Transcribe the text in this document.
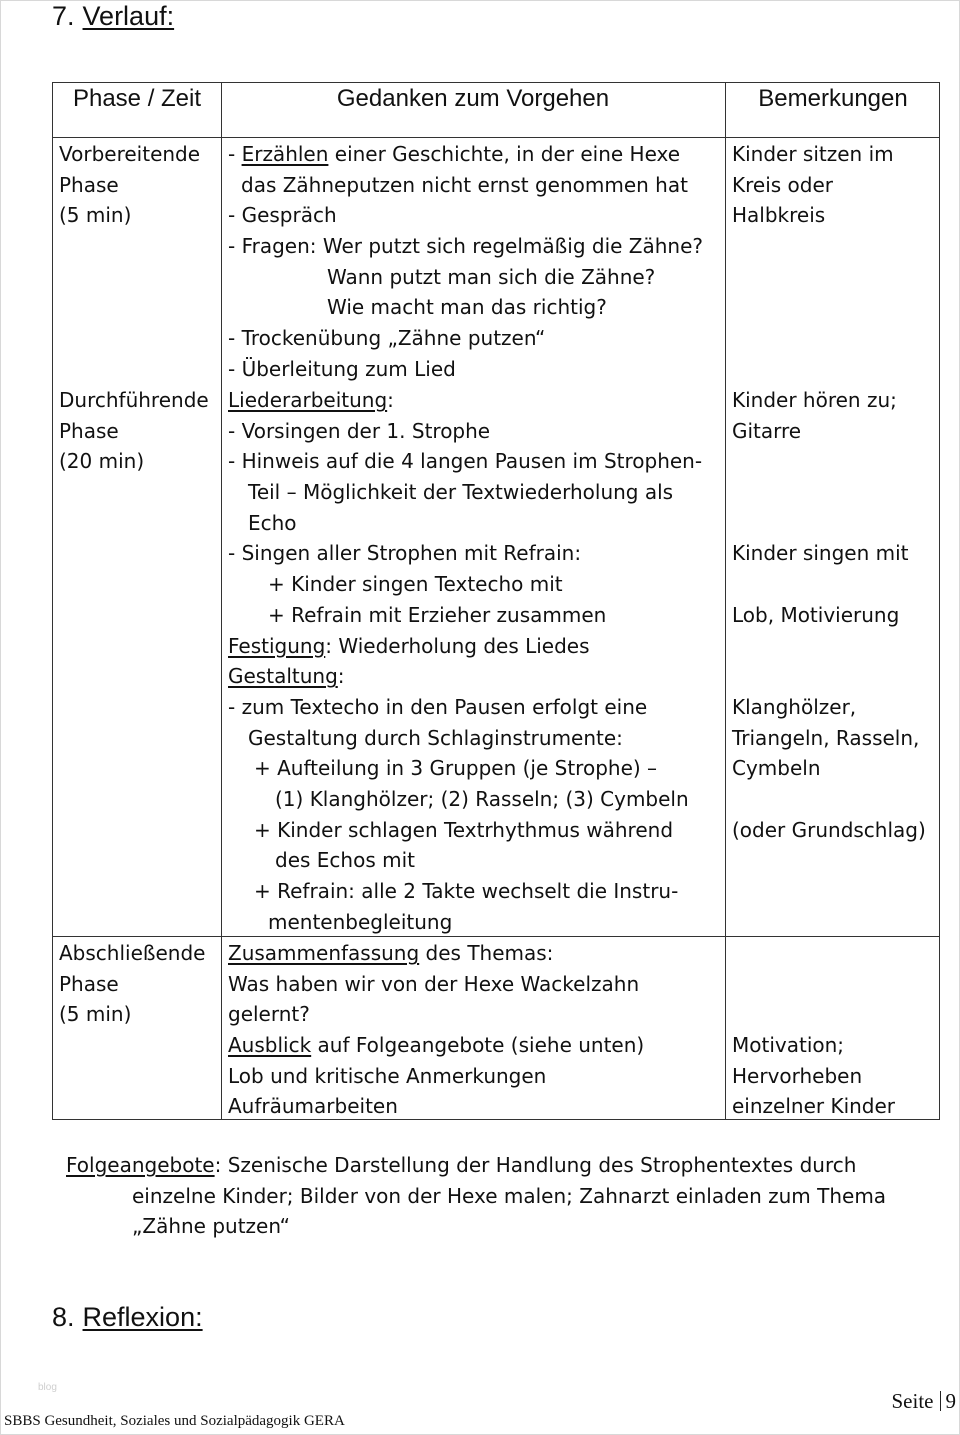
7. Verlauf:
Phase / Zeit	Gedanken zum Vorgehen	Bemerkungen
Vorbereitende
Phase
(5 min)
- Erzählen einer Geschichte, in der eine Hexe
das Zähneputzen nicht ernst genommen hat
- Gespräch
- Fragen: Wer putzt sich regelmäßig die Zähne?
Wann putzt man sich die Zähne?
Wie macht man das richtig?
- Trockenübung „Zähne putzen“
- Überleitung zum Lied
Kinder sitzen im
Kreis oder
Halbkreis
Durchführende
Phase
(20 min)
Liederarbeitung:
- Vorsingen der 1. Strophe
- Hinweis auf die 4 langen Pausen im Strophen-
Teil – Möglichkeit der Textwiederholung als
Echo
- Singen aller Strophen mit Refrain:
+ Kinder singen Textecho mit
+ Refrain mit Erzieher zusammen
Festigung: Wiederholung des Liedes
Gestaltung:
- zum Textecho in den Pausen erfolgt eine
Gestaltung durch Schlaginstrumente:
+ Aufteilung in 3 Gruppen (je Strophe) –
(1) Klanghölzer; (2) Rasseln; (3) Cymbeln
+ Kinder schlagen Textrhythmus während
des Echos mit
+ Refrain: alle 2 Takte wechselt die Instru-
mentenbegleitung
Kinder hören zu;
Gitarre
Kinder singen mit
Lob, Motivierung
Klanghölzer,
Triangeln, Rasseln,
Cymbeln
(oder Grundschlag)
Abschließende
Phase
(5 min)
Zusammenfassung des Themas:
Was haben wir von der Hexe Wackelzahn
gelernt?
Ausblick auf Folgeangebote (siehe unten)
Lob und kritische Anmerkungen
Aufräumarbeiten
Motivation;
Hervorheben
einzelner Kinder
Folgeangebote: Szenische Darstellung der Handlung des Strophentextes durch
einzelne Kinder; Bilder von der Hexe malen; Zahnarzt einladen zum Thema
„Zähne putzen“
8. Reflexion:
blog
Seite 9
SBBS Gesundheit, Soziales und Sozialpädagogik GERA
